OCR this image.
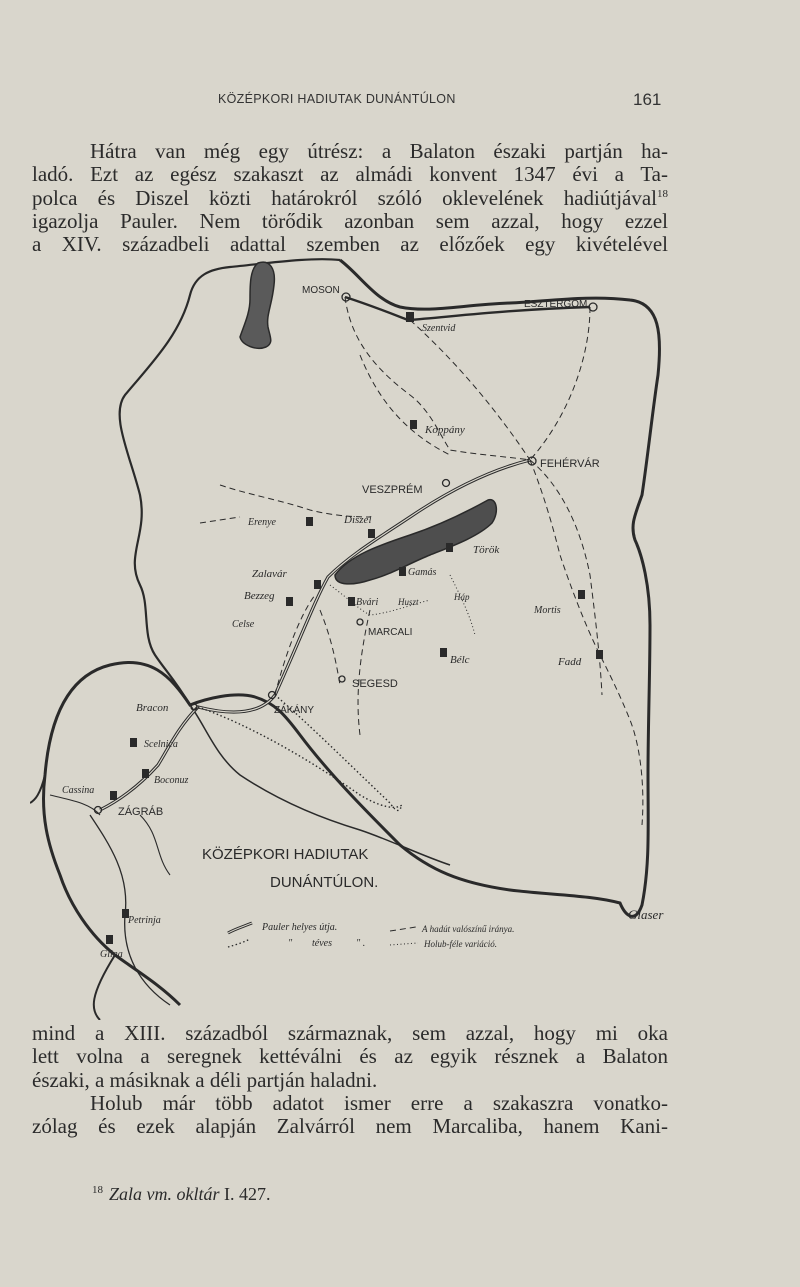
KÖZÉPKORI HADIUTAK DUNÁNTÚLON	161

Hátra van még egy útrész: a Balaton északi partján ha-
ladó. Ezt az egész szakaszt az almádi konvent 1347 évi a Ta-
polca és Diszel közti határokról szóló oklevelének hadiútjával$^{18}$
igazolja Pauler. Nem törődik azonban sem azzal, hogy ezzel
a XIV. századbeli adattal szemben az előzőek egy kivételével

MOSON
ESZTERGOM
Szentvid
Koppány
FEHÉRVÁR
VESZPRÉM
Erenye	Diszel
Török
Zalavár	Gamás
Bezzeg
Celse
Bvári Huszt	Háp
Mortis
MARCALI
Bélc	Fadd
SEGESD
ZÁKÁNY
Bracon
Scelnica
Boconuz
Cassina
ZÁGRÁB
Petrinja
Glina
KÖZÉPKORI HADIUTAK
DUNÁNTÚLON.
Pauler helyes útja.
" téves " .
A hadút valószínű iránya.
Holub-féle variáció.
Glaser

mind a XIII. századból származnak, sem azzal, hogy mi oka
lett volna a seregnek kettéválni és az egyik résznek a Balaton
északi, a másiknak a déli partján haladni.

Holub már több adatot ismer erre a szakaszra vonatko-
zólag és ezek alapján Zalvárról nem Marcaliba, hanem Kani-

$^{18}$ Zala vm. okltár I. 427.
